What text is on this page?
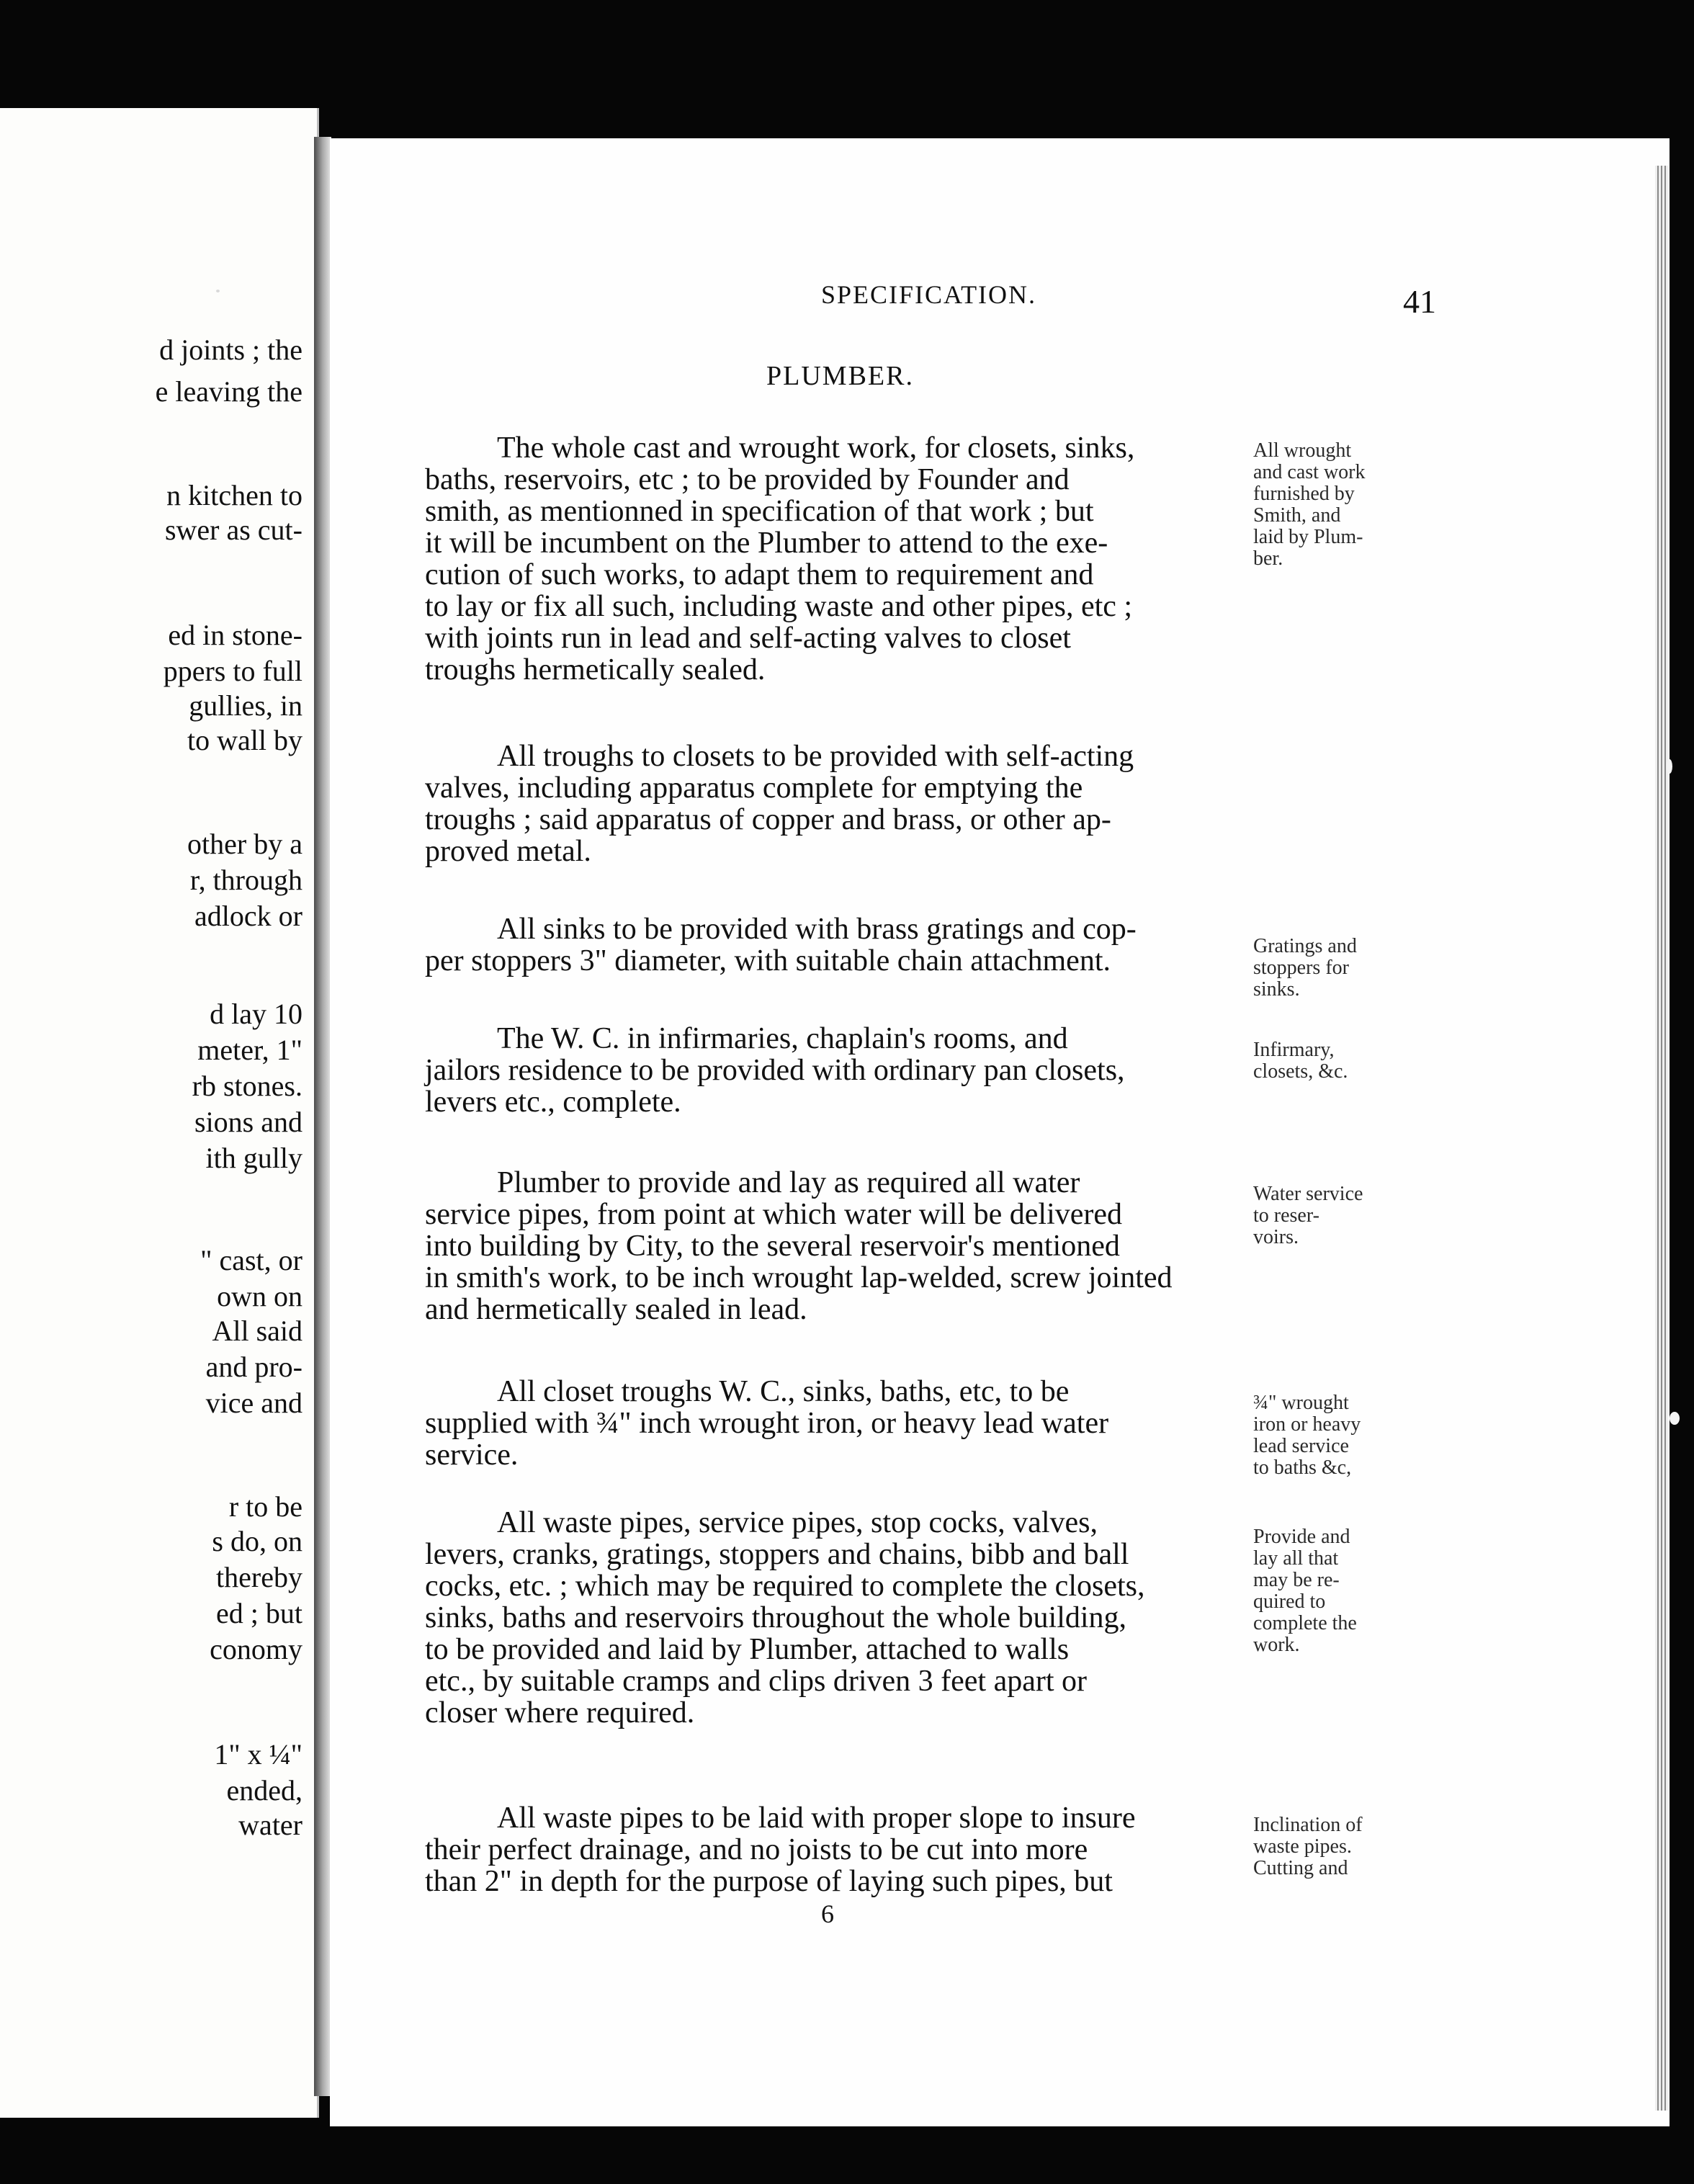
SPECIFICATION.	41
PLUMBER.
6
d joints ; the
e leaving the
n kitchen to
swer as cut-
ed in stone-
ppers to full
gullies, in
to wall by
other by a
r, through
adlock or
d lay 10
meter, 1"
rb stones.
sions and
ith gully
" cast, or
own on
All said
and pro-
vice and
r to be
s do, on
thereby
ed ; but
conomy
1" x ¼"
ended,
water
The whole cast and wrought work, for closets, sinks,
baths, reservoirs, etc ; to be provided by Founder and
smith, as mentionned in specification of that work ; but
it will be incumbent on the Plumber to attend to the exe-
cution of such works, to adapt them to requirement and
to lay or fix all such, including waste and other pipes, etc ;
with joints run in lead and self-acting valves to closet
troughs hermetically sealed.
All wrought
and cast work
furnished by
Smith, and
laid by Plum-
ber.
All troughs to closets to be provided with self-acting
valves, including apparatus complete for emptying the
troughs ; said apparatus of copper and brass, or other ap-
proved metal.
All sinks to be provided with brass gratings and cop-
per stoppers 3" diameter, with suitable chain attachment.	Gratings and
stoppers for
sinks.
The W. C. in infirmaries, chaplain's rooms, and
jailors residence to be provided with ordinary pan closets,
levers etc., complete.
Infirmary,
closets, &c.
Plumber to provide and lay as required all water
service pipes, from point at which water will be delivered
into building by City, to the several reservoir's mentioned
in smith's work, to be inch wrought lap-welded, screw jointed
and hermetically sealed in lead.
Water service
to reser-
voirs.
All closet troughs W. C., sinks, baths, etc, to be
supplied with ¾" inch wrought iron, or heavy lead water
service.
¾" wrought
iron or heavy
lead service
to baths &c,
All waste pipes, service pipes, stop cocks, valves,
levers, cranks, gratings, stoppers and chains, bibb and ball
cocks, etc. ; which may be required to complete the closets,
sinks, baths and reservoirs throughout the whole building,
to be provided and laid by Plumber, attached to walls
etc., by suitable cramps and clips driven 3 feet apart or
closer where required.
Provide and
lay all that
may be re-
quired to
complete the
work.
All waste pipes to be laid with proper slope to insure
their perfect drainage, and no joists to be cut into more
than 2" in depth for the purpose of laying such pipes, but
Inclination of
waste pipes.
Cutting and
